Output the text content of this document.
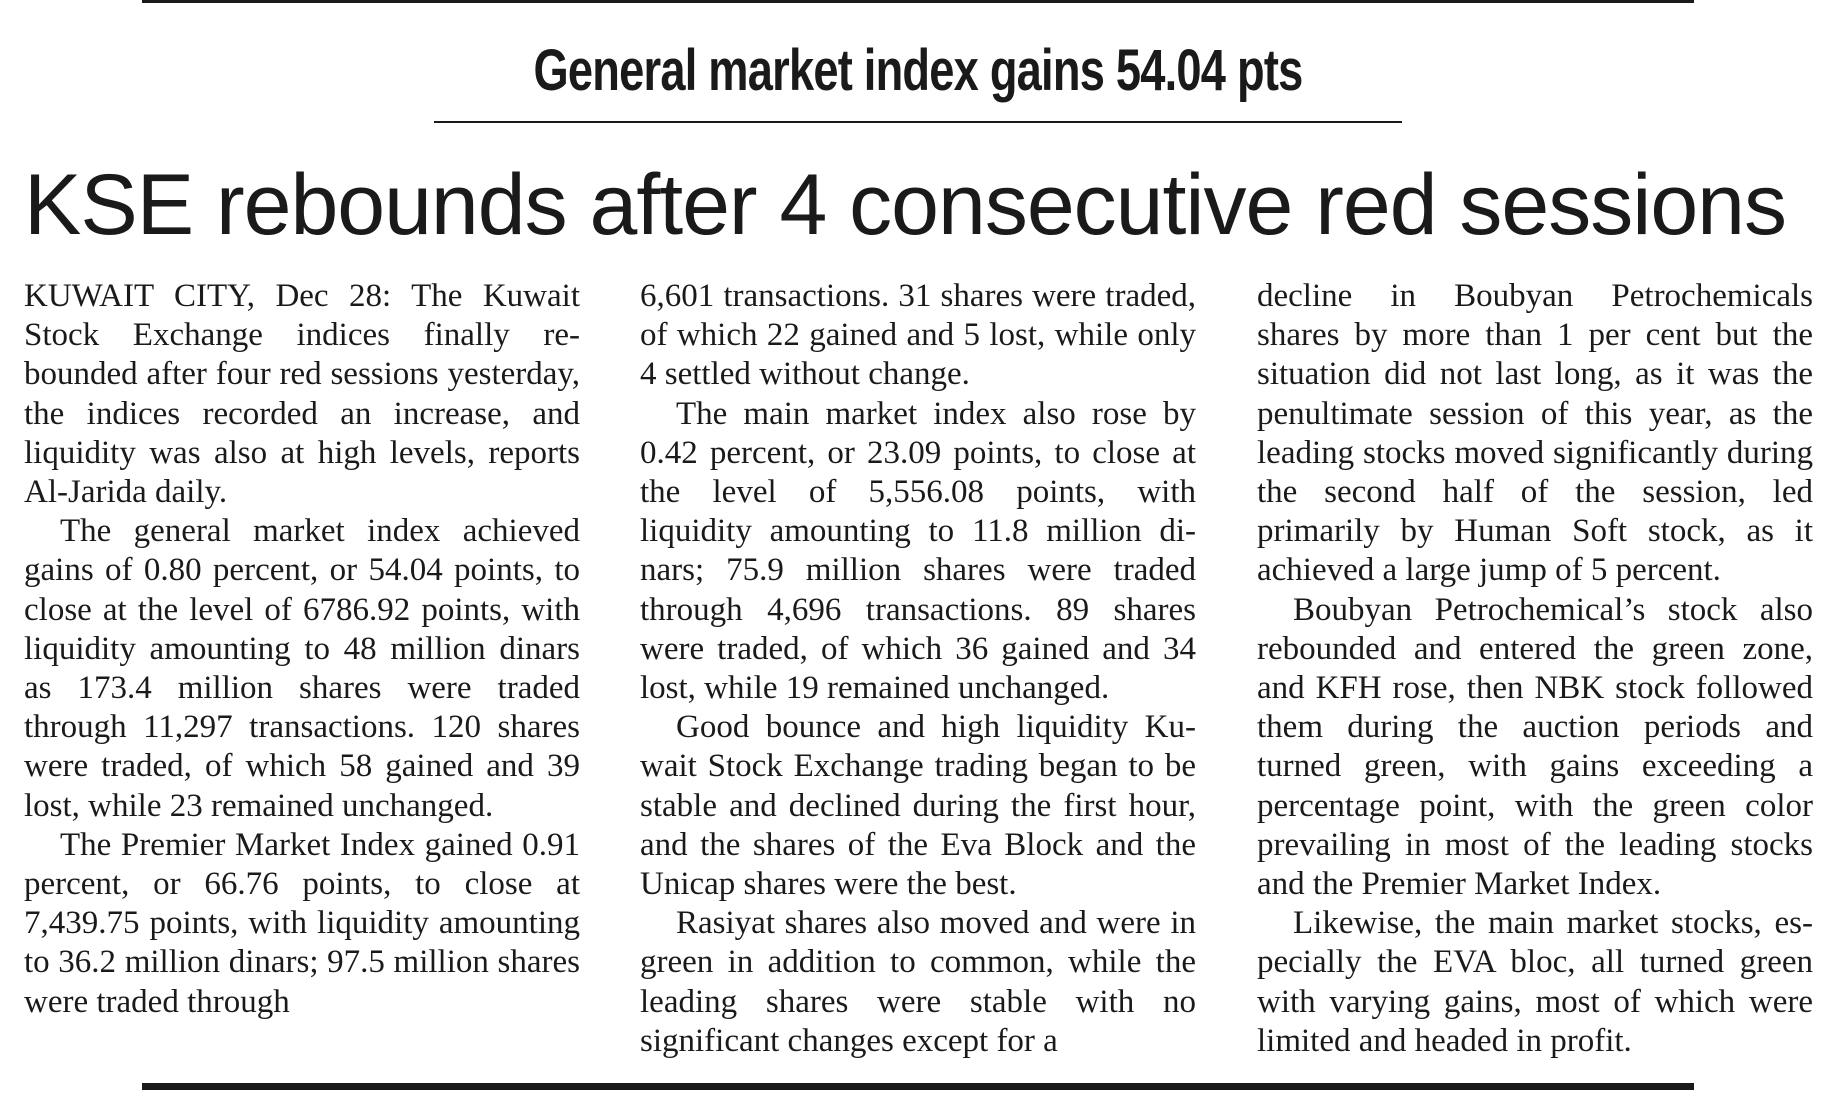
General market index gains 54.04 pts
KSE rebounds after 4 consecutive red sessions

KUWAIT CITY, Dec 28: The Kuwait Stock Exchange indices finally rebounded after four red sessions yesterday, the indices recorded an increase, and liquidity was also at high levels, reports Al-Jarida daily.

The general market index achieved gains of 0.80 percent, or 54.04 points, to close at the level of 6786.92 points, with liquidity amounting to 48 million dinars as 173.4 million shares were traded through 11,297 transactions. 120 shares were traded, of which 58 gained and 39 lost, while 23 remained unchanged.

The Premier Market Index gained 0.91 percent, or 66.76 points, to close at 7,439.75 points, with liquidity amounting to 36.2 million dinars; 97.5 million shares were traded through

6,601 transactions. 31 shares were traded, of which 22 gained and 5 lost, while only 4 settled without change.

The main market index also rose by 0.42 percent, or 23.09 points, to close at the level of 5,556.08 points, with liquidity amounting to 11.8 million dinars; 75.9 million shares were traded through 4,696 transactions. 89 shares were traded, of which 36 gained and 34 lost, while 19 remained unchanged.

Good bounce and high liquidity Kuwait Stock Exchange trading began to be stable and declined during the first hour, and the shares of the Eva Block and the Unicap shares were the best.

Rasiyat shares also moved and were in green in addition to common, while the leading shares were stable with no significant changes except for a

decline in Boubyan Petrochemicals shares by more than 1 per cent but the situation did not last long, as it was the penultimate session of this year, as the leading stocks moved significantly during the second half of the session, led primarily by Human Soft stock, as it achieved a large jump of 5 percent.

Boubyan Petrochemical’s stock also rebounded and entered the green zone, and KFH rose, then NBK stock followed them during the auction periods and turned green, with gains exceeding a percentage point, with the green color prevailing in most of the leading stocks and the Premier Market Index.

Likewise, the main market stocks, especially the EVA bloc, all turned green with varying gains, most of which were limited and headed in profit.
